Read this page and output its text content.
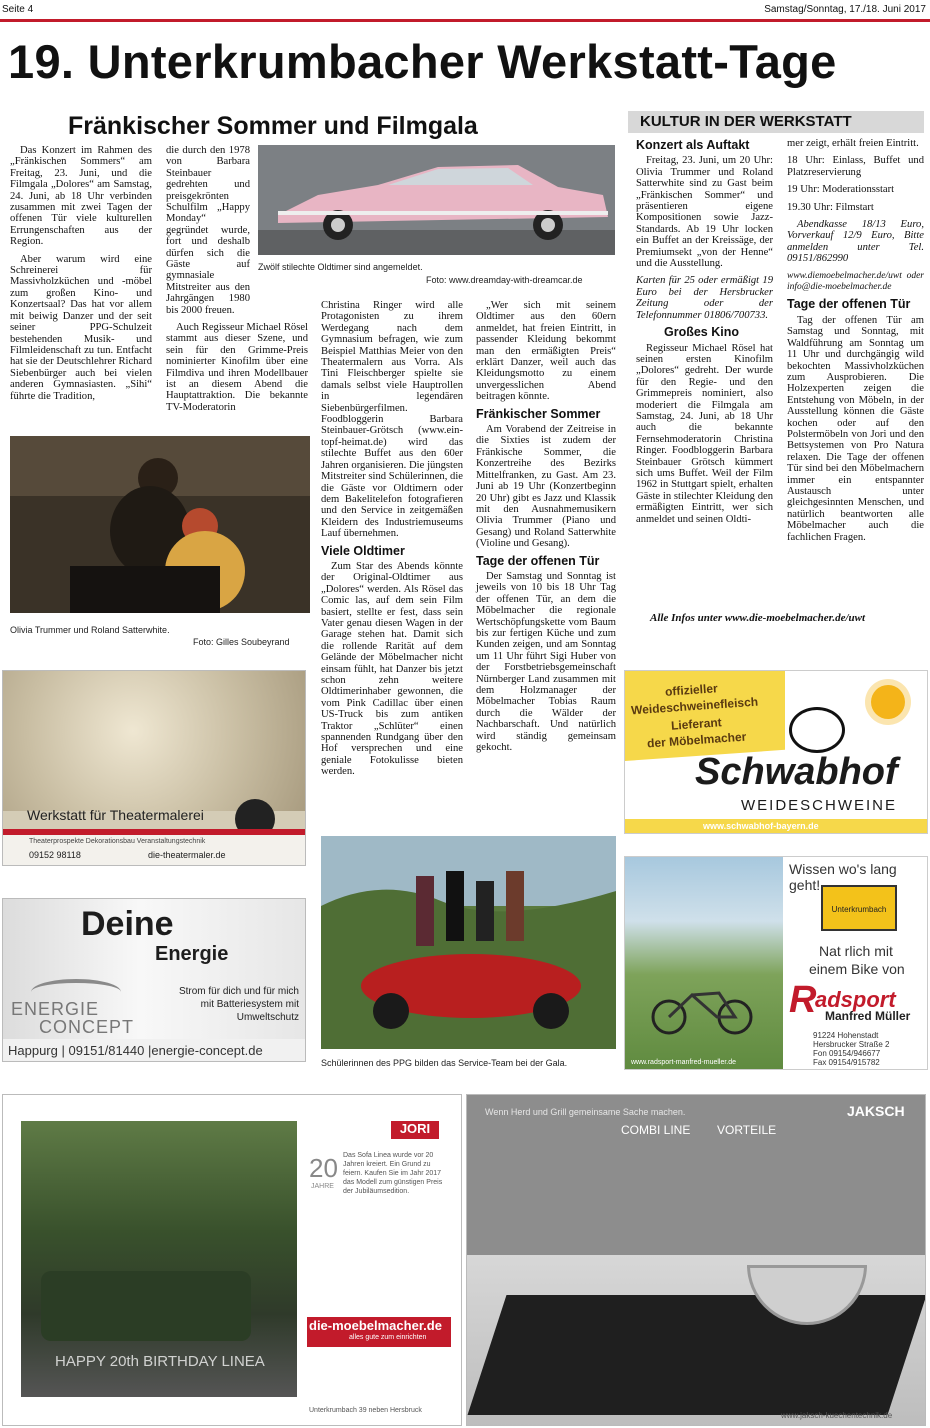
Seite 4	Samstag/Sonntag, 17./18. Juni 2017
19. Unterkrumbacher Werkstatt-Tage
Fränkischer Sommer und Filmgala

Das Konzert im Rahmen des „Fränkischen Sommers“ am Freitag, 23. Juni, und die Filmgala „Dolores“ am Samstag, 24. Juni, ab 18 Uhr verbinden zusammen mit zwei Tagen der offenen Tür viele kulturellen Errungenschaften aus der Region.

Aber warum wird eine Schreinerei für Massivholzküchen und -möbel zum großen Kino- und Konzertsaal? Das hat vor allem mit beiwig Danzer und der seit seiner PPG-Schulzeit bestehenden Musik- und Filmleidenschaft zu tun. Entfacht hat sie der Deutschlehrer Richard Siebenbürger auch bei vielen anderen Gymnasiasten. „Sihi“ führte die Tradition,

die durch den 1978 von Barbara Steinbauer gedrehten und preisgekrönten Schulfilm „Happy Monday“ gegründet wurde, fort und deshalb dürfen sich die Gäste auf gymnasiale Mitstreiter aus den Jahrgängen 1980 bis 2000 freuen.

Auch Regisseur Michael Rösel stammt aus dieser Szene, und sein für den Grimme-Preis nominierter Kinofilm über eine Filmdiva und ihren Modellbauer ist an diesem Abend die Hauptattraktion. Die bekannte TV-Moderatorin

Zwölf stilechte Oldtimer sind angemeldet.
Foto: www.dreamday-with-dreamcar.de
Olivia Trummer und Roland Satterwhite.
Foto: Gilles Soubeyrand

Christina Ringer wird alle Protagonisten zu ihrem Werdegang nach dem Gymnasium befragen, wie zum Beispiel Matthias Meier von den Theatermalern aus Vorra. Als Tini Fleischberger spielte sie damals selbst viele Hauptrollen in legendären Siebenbürgerfilmen. Foodbloggerin Barbara Steinbauer-Grötsch (www.ein-topf-heimat.de) wird das stilechte Buffet aus den 60er Jahren organisieren. Die jüngsten Mitstreiter sind Schülerinnen, die die Gäste vor Oldtimern oder dem Bakelitelefon fotografieren und den Service in zeitgemäßen Kleidern des Industriemuseums Lauf übernehmen.

Viele Oldtimer

Zum Star des Abends könnte der Original-Oldtimer aus „Dolores“ werden. Als Rösel das Comic las, auf dem sein Film basiert, stellte er fest, dass sein Vater genau diesen Wagen in der Garage stehen hat. Damit sich die rollende Rarität auf dem Gelände der Möbelmacher nicht einsam fühlt, hat Danzer bis jetzt schon zehn weitere Oldtimerinhaber gewonnen, die vom Pink Cadillac über einen US-Truck bis zum antiken Traktor „Schlüter“ einen spannenden Rundgang über den Hof versprechen und eine geniale Fotokulisse bieten werden.

„Wer sich mit seinem Oldtimer aus den 60ern anmeldet, hat freien Eintritt, in passender Kleidung bekommt man den ermäßigten Preis“ erklärt Danzer, weil auch das Kleidungsmotto zu einem unvergesslichen Abend beitragen könnte.

Fränkischer Sommer

Am Vorabend der Zeitreise in die Sixties ist zudem der Fränkische Sommer, die Konzertreihe des Bezirks Mittelfranken, zu Gast. Am 23. Juni ab 19 Uhr (Konzertbeginn 20 Uhr) gibt es Jazz und Klassik mit den Ausnahmemusikern Olivia Trummer (Piano und Gesang) und Roland Satterwhite (Violine und Gesang).

Tage der offenen Tür

Der Samstag und Sonntag ist jeweils von 10 bis 18 Uhr Tag der offenen Tür, an dem die Möbelmacher die regionale Wertschöpfungskette vom Baum bis zur fertigen Küche und zum Kunden zeigen, und am Sonntag um 11 Uhr führt Sigi Huber von der Forstbetriebsgemeinschaft Nürnberger Land zusammen mit dem Holzmanager der Möbelmacher Tobias Raum durch die Wälder der Nachbarschaft. Und natürlich wird ständig gemeinsam gekocht.

Schülerinnen des PPG bilden das Service-Team bei der Gala.
Werkstatt für Theatermalerei
Theaterprospekte Dekorationsbau Veranstaltungstechnik
09152 98118	die-theatermaler.de
Deine
Energie
ENERGIE
CONCEPT
Strom für dich und für mich mit Batteriesystem mit Umweltschutz
Happurg | 09151/81440 |energie-concept.de
KULTUR IN DER WERKSTATT
Konzert als Auftakt

Freitag, 23. Juni, um 20 Uhr: Olivia Trummer und Roland Satterwhite sind zu Gast beim „Fränkischen Sommer“ und präsentieren eigene Kompositionen sowie Jazz-Standards. Ab 19 Uhr locken ein Buffet an der Kreissäge, der Premiumsekt „von der Henne“ und die Ausstellung.

Karten für 25 oder ermäßigt 19 Euro bei der Hersbrucker Zeitung oder der Telefonnummer 01806/700733.

Großes Kino

Regisseur Michael Rösel hat seinen ersten Kinofilm „Dolores“ gedreht. Der wurde für den Regie- und den Grimmepreis nominiert, also moderiert die Filmgala am Samstag, 24. Juni, ab 18 Uhr auch die bekannte Fernsehmoderatorin Christina Ringer. Foodbloggerin Barbara Steinbauer Grötsch kümmert sich ums Buffet. Weil der Film 1962 in Stuttgart spielt, erhalten Gäste in stilechter Kleidung den ermäßigten Eintritt, wer sich anmeldet und seinen Oldti-

mer zeigt, erhält freien Eintritt.

18 Uhr: Einlass, Buffet und Platzreservierung

19 Uhr: Moderationsstart

19.30 Uhr: Filmstart

Abendkasse 18/13 Euro, Vorverkauf 12/9 Euro, Bitte anmelden unter Tel. 09151/862990

www.diemoebelmacher.de/uwt oder info@die-moebelmacher.de

Tage der offenen Tür

Tag der offenen Tür am Samstag und Sonntag, mit Waldführung am Sonntag um 11 Uhr und durchgängig wild bekochten Massivholzküchen zum Ausprobieren. Die Holzexperten zeigen die Entstehung von Möbeln, in der Ausstellung können die Gäste kochen oder auf den Polstermöbeln von Jori und den Bettsystemen von Pro Natura relaxen. Die Tage der offenen Tür sind bei den Möbelmachern immer ein entspannter Austausch unter gleichgesinnten Menschen, und natürlich beantworten alle Möbelmacher auch die fachlichen Fragen.

Alle Infos unter www.die-moebelmacher.de/uwt
offizieller
Weideschweinefleisch
Lieferant
der Möbelmacher
Schwabhof
WEIDESCHWEINE
www.schwabhof-bayern.de
Wissen wo's lang geht!
Unterkrumbach
Nat rlich mit
einem Bike von
R
adsport
Manfred Müller
91224 Hohenstadt
Hersbrucker Straße 2
Fon 09154/946677
Fax 09154/915782
www.radsport-manfred-mueller.de
HAPPY 20th BIRTHDAY LINEA
JORI
20
JAHRE
Das Sofa Linea wurde vor 20 Jahren kreiert. Ein Grund zu feiern. Kaufen Sie im Jahr 2017 das Modell zum günstigen Preis der Jubiläumsedition.
die-moebelmacher.de
alles gute zum einrichten
Unterkrumbach 39 neben Hersbruck
JAKSCH
Wenn Herd und Grill gemeinsame Sache machen.
COMBI LINE VORTEILE
www.jaksch-kuechentechnik.de
